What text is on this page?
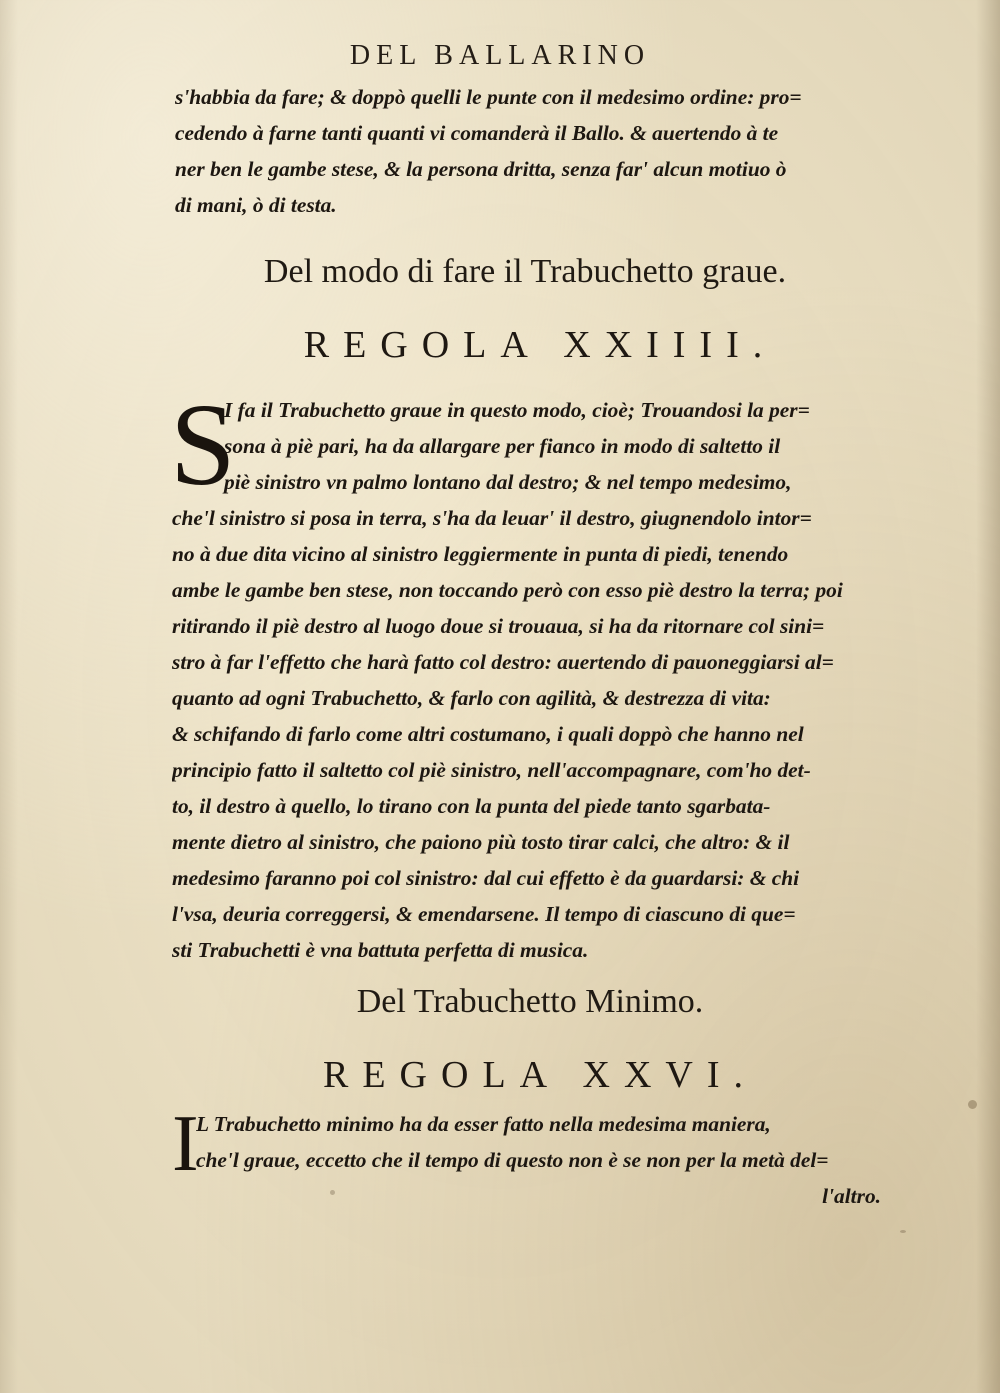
DEL BALLARINO
s'habbia da fare; & doppò quelli le punte con il medesimo ordine: pro=
cedendo à farne tanti quanti vi comanderà il Ballo. & auertendo à te
ner ben le gambe stese, & la persona dritta, senza far' alcun motiuo ò
di mani, ò di testa.
Del modo di fare il Trabuchetto graue.
REGOLA XXIIII.
S
I fa il Trabuchetto graue in questo modo, cioè; Trouandosi la per=
sona à piè pari, ha da allargare per fianco in modo di saltetto il
piè sinistro vn palmo lontano dal destro; & nel tempo medesimo,
che'l sinistro si posa in terra, s'ha da leuar' il destro, giugnendolo intor=
no à due dita vicino al sinistro leggiermente in punta di piedi, tenendo
ambe le gambe ben stese, non toccando però con esso piè destro la terra; poi
ritirando il piè destro al luogo doue si trouaua, si ha da ritornare col sini=
stro à far l'effetto che harà fatto col destro: auertendo di pauoneggiarsi al=
quanto ad ogni Trabuchetto, & farlo con agilità, & destrezza di vita:
& schifando di farlo come altri costumano, i quali doppò che hanno nel
principio fatto il saltetto col piè sinistro, nell'accompagnare, com'ho det-
to, il destro à quello, lo tirano con la punta del piede tanto sgarbata-
mente dietro al sinistro, che paiono più tosto tirar calci, che altro: & il
medesimo faranno poi col sinistro: dal cui effetto è da guardarsi: & chi
l'vsa, deuria correggersi, & emendarsene. Il tempo di ciascuno di que=
sti Trabuchetti è vna battuta perfetta di musica.
Del Trabuchetto Minimo.
REGOLA XXVI.
I
L Trabuchetto minimo ha da esser fatto nella medesima maniera,
che'l graue, eccetto che il tempo di questo non è se non per la metà del=
l'altro.
